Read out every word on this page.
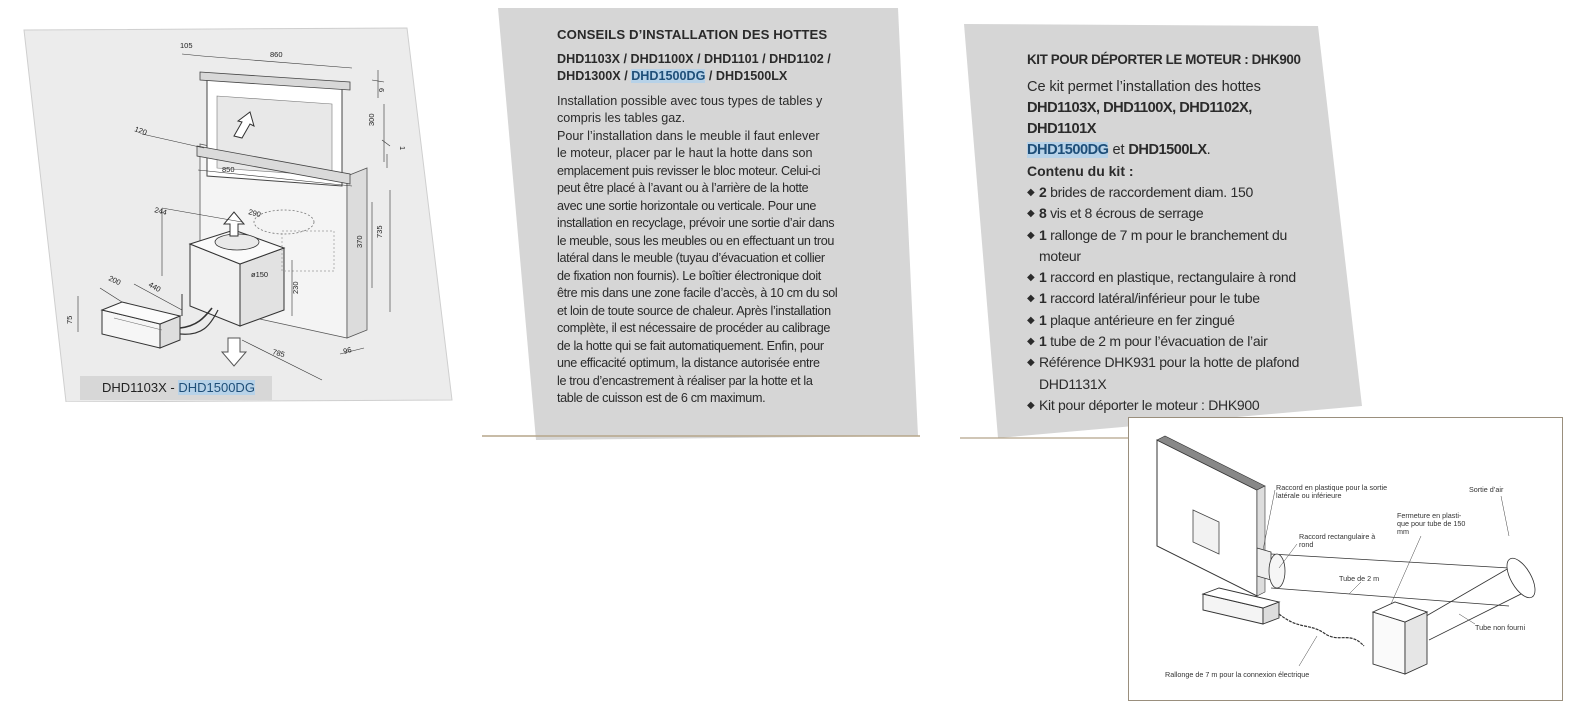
105
860
6
300
1
120
850
244	290
370
735
200	440
75
ø150
230
785	96
DHD1103X - DHD1500DG
CONSEILS D’INSTALLATION DES HOTTES
DHD1103X / DHD1100X / DHD1101 / DHD1102 / DHD1300X / DHD1500DG / DHD1500LX

Installation possible avec tous types de tables y

compris les tables gaz.

Pour l’installation dans le meuble il faut enlever

le moteur, placer par le haut la hotte dans son

emplacement puis revisser le bloc moteur. Celui-ci

peut être placé à l’avant ou à l’arrière de la hotte

avec une sortie horizontale ou verticale. Pour une

installation en recyclage, prévoir une sortie d’air dans

le meuble, sous les meubles ou en effectuant un trou

latéral dans le meuble (tuyau d’évacuation et collier

de fixation non fournis). Le boîtier électronique doit

être mis dans une zone facile d’accès, à 10 cm du sol

et loin de toute source de chaleur. Après l’installation

complète, il est nécessaire de procéder au calibrage

de la hotte qui se fait automatiquement. Enfin, pour

une efficacité optimum, la distance autorisée entre

le trou d’encastrement à réaliser par la hotte et la

table de cuisson est de 6 cm maximum.

KIT POUR DÉPORTER LE MOTEUR : DHK900
Ce kit permet l’installation des hottes
DHD1103X, DHD1100X, DHD1102X, DHD1101X
DHD1500DG et DHD1500LX.
Contenu du kit :
◆ 2 brides de raccordement diam. 150
◆ 8 vis et 8 écrous de serrage
◆ 1 rallonge de 7 m pour le branchement du moteur
◆ 1 raccord en plastique, rectangulaire à rond
◆ 1 raccord latéral/inférieur pour le tube
◆ 1 plaque antérieure en fer zingué
◆ 1 tube de 2 m pour l’évacuation de l’air
◆ Référence DHK931 pour la hotte de plafond DHD1131X
◆ Kit pour déporter le moteur : DHK900
Raccord en plastique pour la sortie latérale ou inférieure
Sortie d’air
Fermeture en plasti- que pour tube de 150 mm
Raccord rectangulaire à rond
Tube de 2 m
Tube non fourni
Rallonge de 7 m pour la connexion électrique
